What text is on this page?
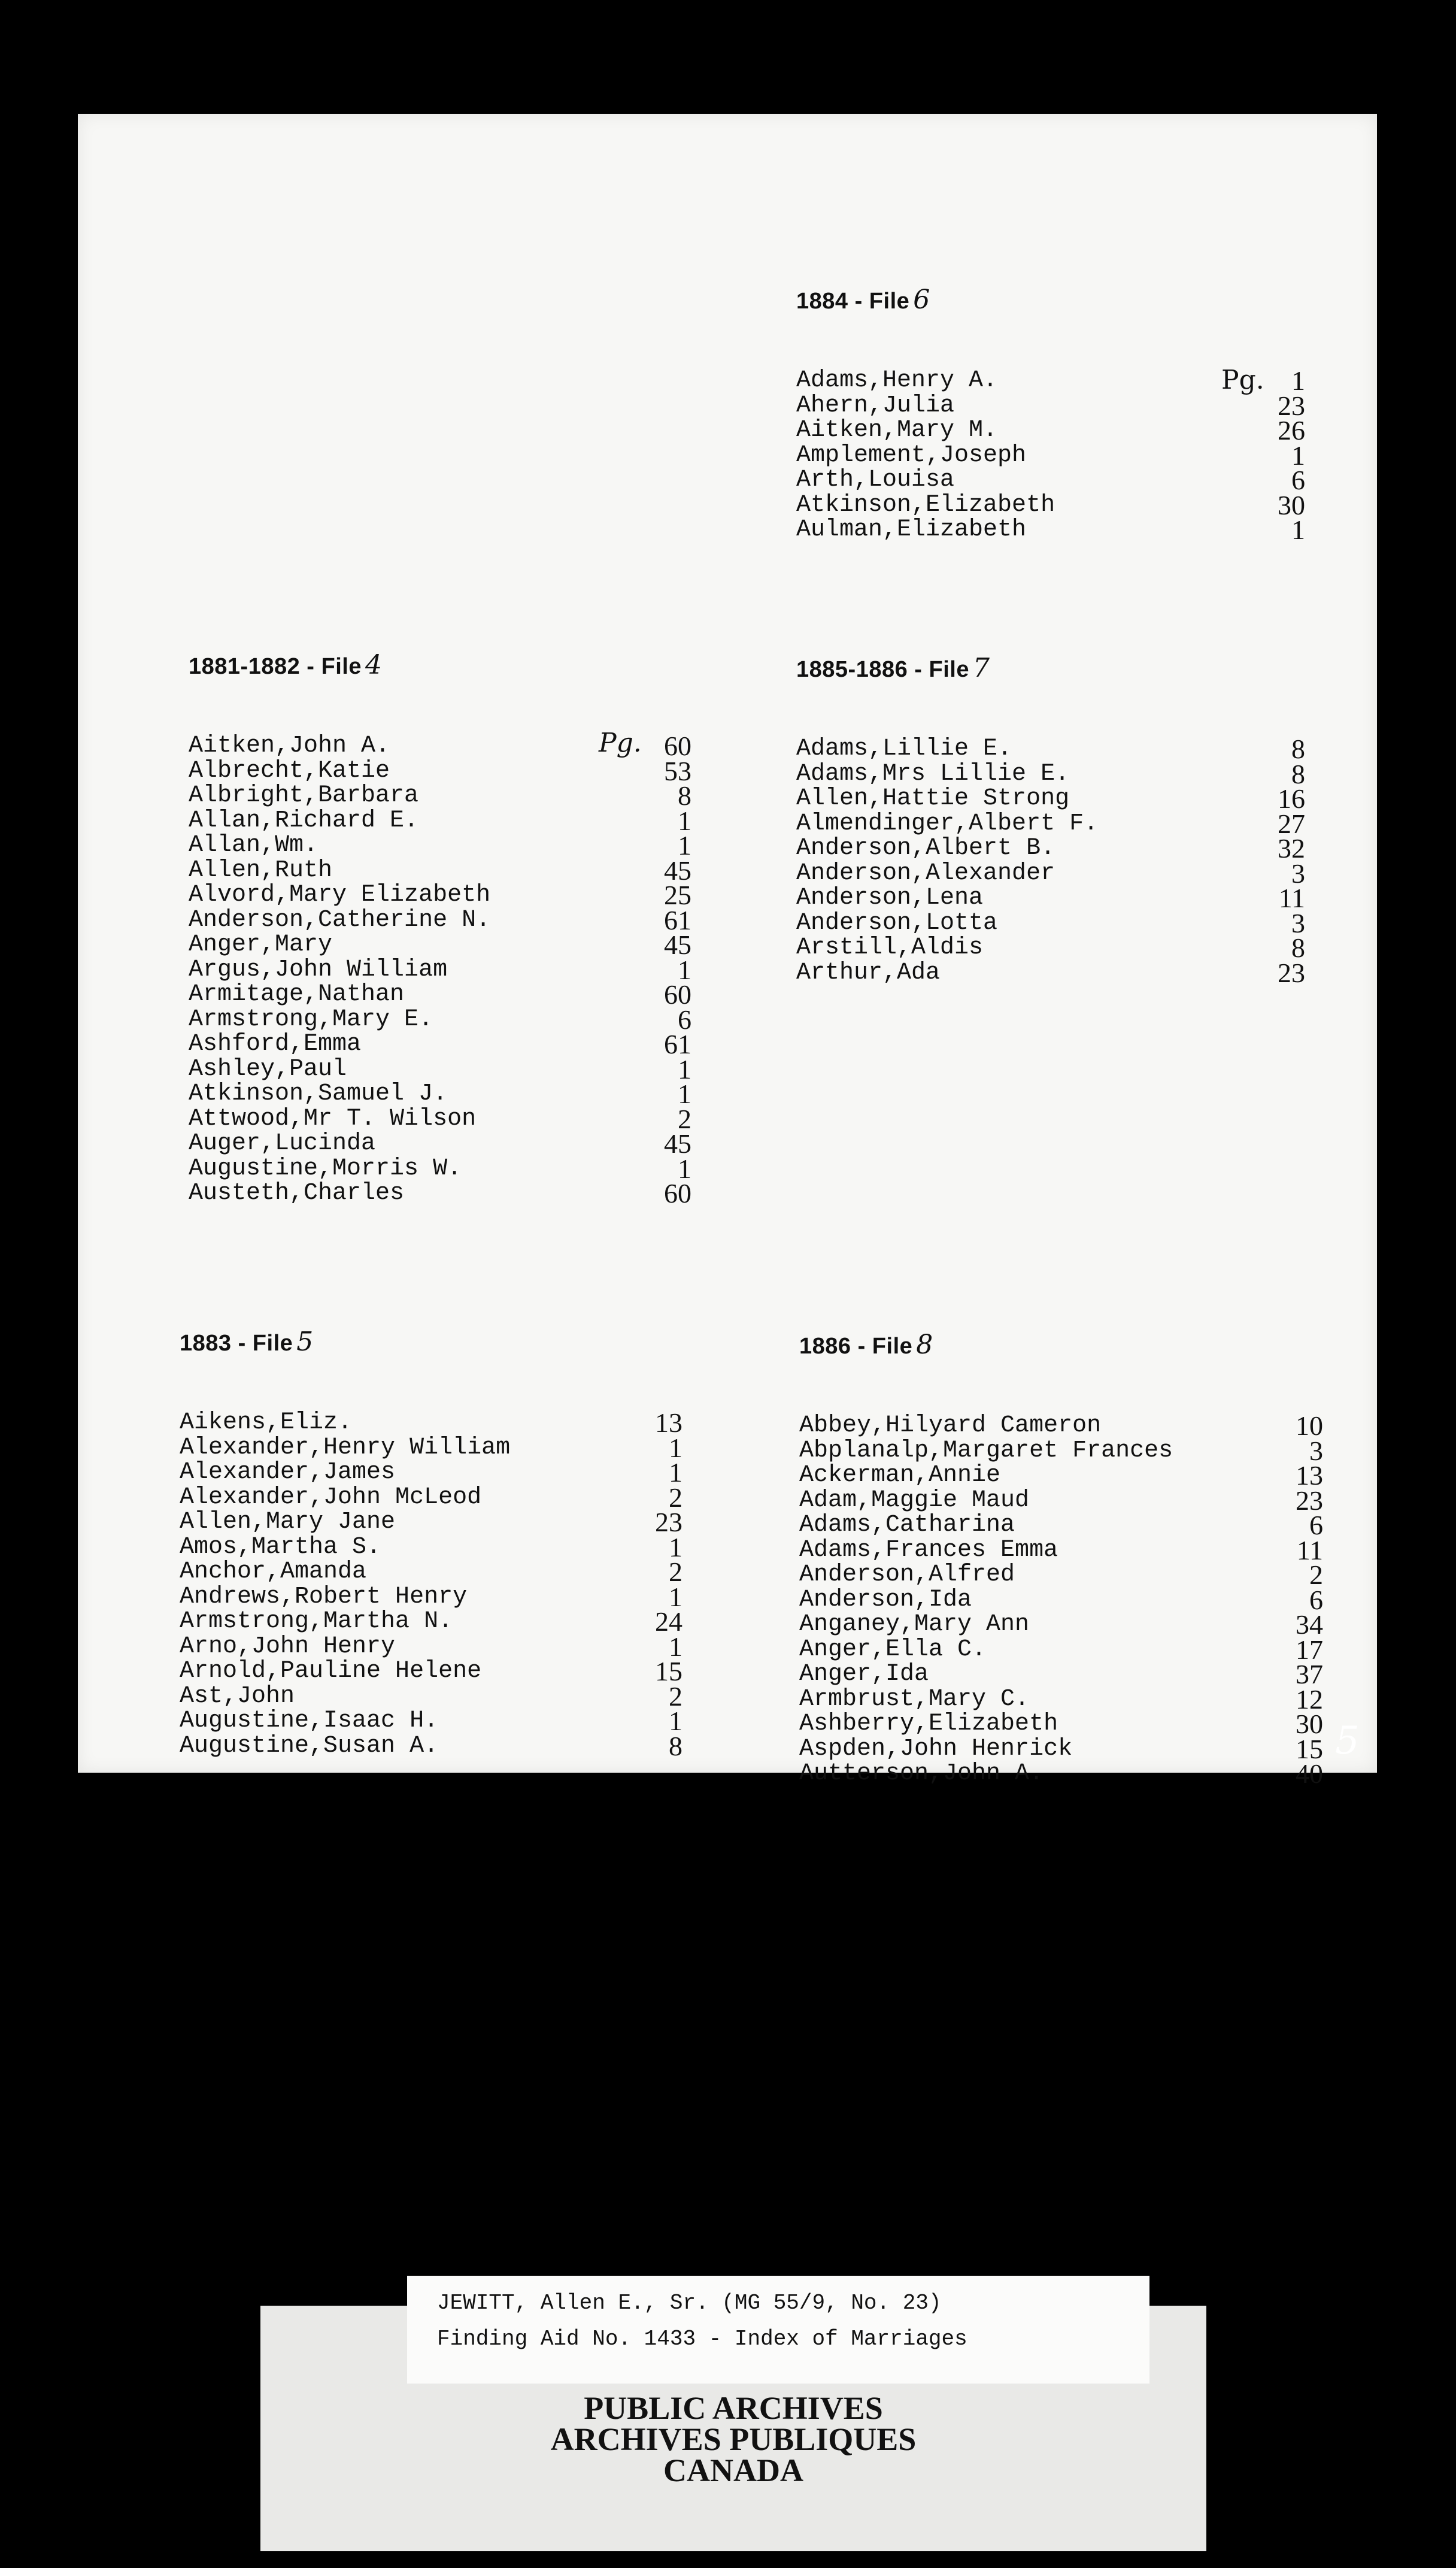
1884 - File 6
Pg.
Adams,Henry A.	1
Ahern,Julia	23
Aitken,Mary M.	26
Amplement,Joseph	1
Arth,Louisa	6
Atkinson,Elizabeth	30
Aulman,Elizabeth	1
1881-1882 - File 4
Pg.
Aitken,John A.	60
Albrecht,Katie	53
Albright,Barbara	8
Allan,Richard E.	1
Allan,Wm.	1
Allen,Ruth	45
Alvord,Mary Elizabeth	25
Anderson,Catherine N.	61
Anger,Mary	45
Argus,John William	1
Armitage,Nathan	60
Armstrong,Mary E.	6
Ashford,Emma	61
Ashley,Paul	1
Atkinson,Samuel J.	1
Attwood,Mr T. Wilson	2
Auger,Lucinda	45
Augustine,Morris W.	1
Austeth,Charles	60
1885-1886 - File 7
Adams,Lillie E.	8
Adams,Mrs Lillie E.	8
Allen,Hattie Strong	16
Almendinger,Albert F.	27
Anderson,Albert B.	32
Anderson,Alexander	3
Anderson,Lena	11
Anderson,Lotta	3
Arstill,Aldis	8
Arthur,Ada	23
1883 - File 5
Aikens,Eliz.	13
Alexander,Henry William	1
Alexander,James	1
Alexander,John McLeod	2
Allen,Mary Jane	23
Amos,Martha S.	1
Anchor,Amanda	2
Andrews,Robert Henry	1
Armstrong,Martha N.	24
Arno,John Henry	1
Arnold,Pauline Helene	15
Ast,John	2
Augustine,Isaac H.	1
Augustine,Susan A.	8
1886 - File 8
Abbey,Hilyard Cameron	10
Abplanalp,Margaret Frances	3
Ackerman,Annie	13
Adam,Maggie Maud	23
Adams,Catharina	6
Adams,Frances Emma	11
Anderson,Alfred	2
Anderson,Ida	6
Anganey,Mary Ann	34
Anger,Ella C.	17
Anger,Ida	37
Armbrust,Mary C.	12
Ashberry,Elizabeth	30
Aspden,John Henrick	15
Autterson,John A.	40
5
PUBLIC ARCHIVES
ARCHIVES PUBLIQUES
CANADA
JEWITT, Allen E., Sr. (MG 55/9, No. 23)
Finding Aid No. 1433 - Index of Marriages
